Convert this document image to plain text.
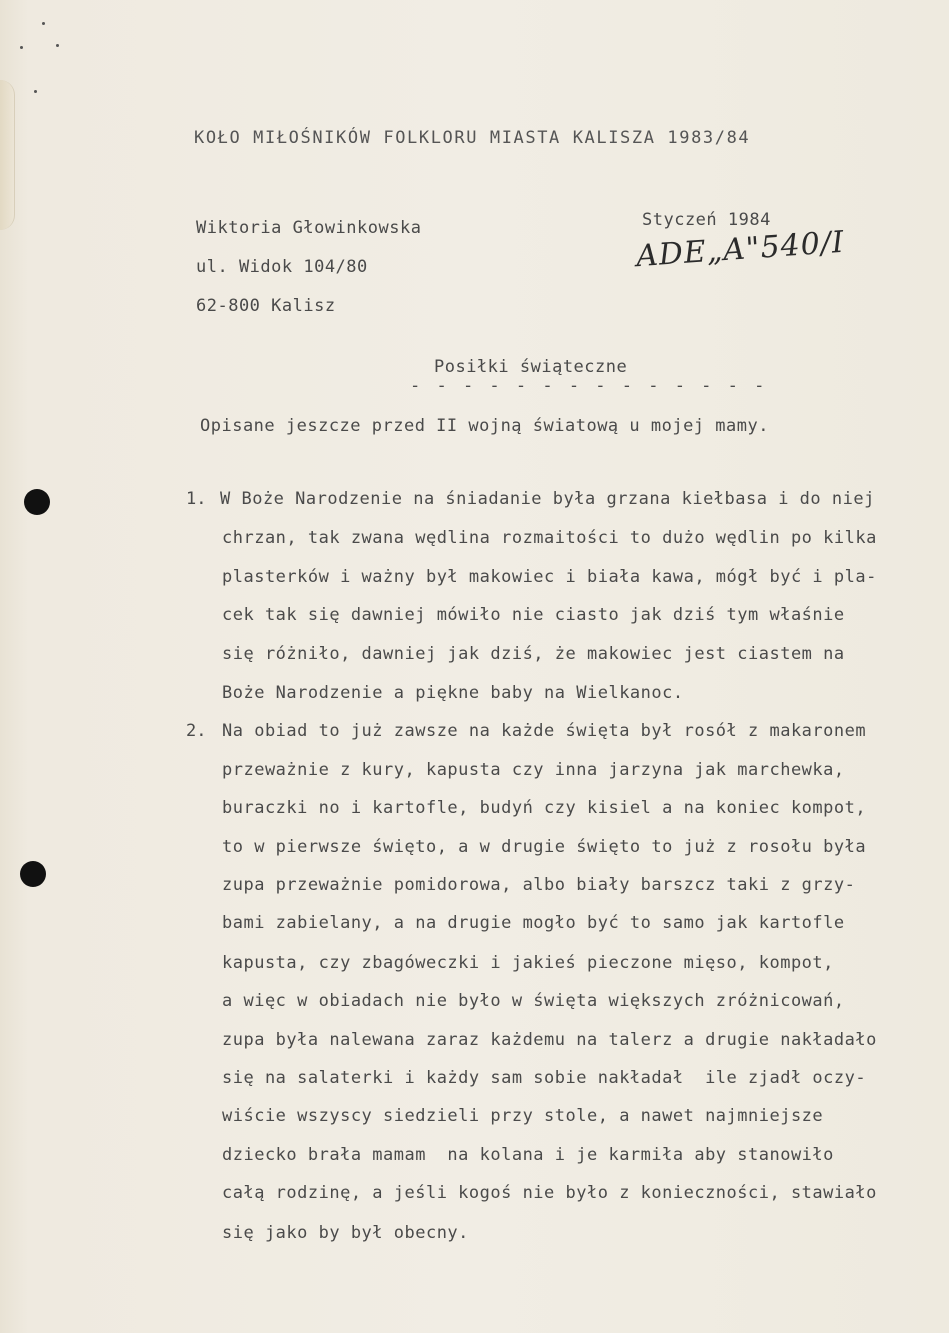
KOŁO MIŁOŚNIKÓW FOLKLORU MIASTA KALISZA 1983/84
Wiktoria Głowinkowska
ul. Widok 104/80
62-800 Kalisz
Styczeń 1984
ADE„A"540/I
Posiłki świąteczne
- - - - - - - - - - - - - -
Opisane jeszcze przed II wojną światową u mojej mamy.
1. W Boże Narodzenie na śniadanie była grzana kiełbasa i do niej
chrzan, tak zwana wędlina rozmaitości to dużo wędlin po kilka
plasterków i ważny był makowiec i biała kawa, mógł być i pla-
cek tak się dawniej mówiło nie ciasto jak dziś tym właśnie
się różniło, dawniej jak dziś, że makowiec jest ciastem na
Boże Narodzenie a piękne baby na Wielkanoc.
2. Na obiad to już zawsze na każde święta był rosół z makaronem
przeważnie z kury, kapusta czy inna jarzyna jak marchewka,
buraczki no i kartofle, budyń czy kisiel a na koniec kompot,
to w pierwsze święto, a w drugie święto to już z rosołu była
zupa przeważnie pomidorowa, albo biały barszcz taki z grzy-
bami zabielany, a na drugie mogło być to samo jak kartofle
kapusta, czy zbagóweczki i jakieś pieczone mięso, kompot,
a więc w obiadach nie było w święta większych zróżnicowań,
zupa była nalewana zaraz każdemu na talerz a drugie nakładało
się na salaterki i każdy sam sobie nakładał  ile zjadł oczy-
wiście wszyscy siedzieli przy stole, a nawet najmniejsze
dziecko brała mamam  na kolana i je karmiła aby stanowiło
całą rodzinę, a jeśli kogoś nie było z konieczności, stawiało
się jako by był obecny.
